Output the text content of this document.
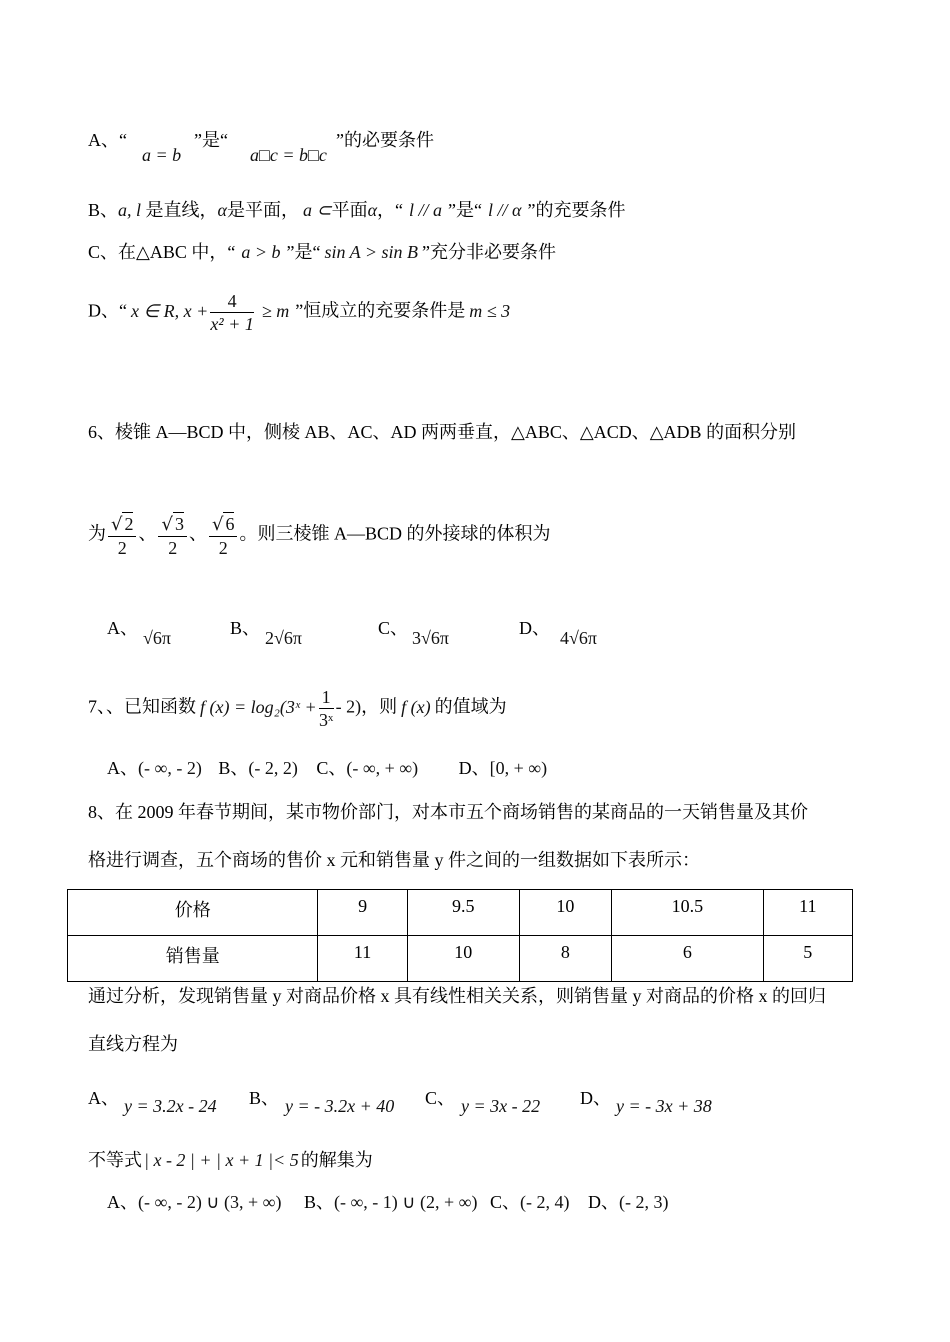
A、“
a = b
”是“
a□c = b□c
”的必要条件
B、a, l 是直线，α是平面， a ⊂平面α，“ l // a ”是“ l // α ”的充要条件
C、在△ABC 中，“ a > b ”是“ sin A > sin B ”充分非必要条件
D、“ x ∈ R, $x + \frac{4}{\text{x² + 1}} \ge m$ ”恒成立的充要条件是 m ≤ 3
6、棱锥 A—BCD 中，侧棱 AB、AC、AD 两两垂直，△ABC、△ACD、△ADB 的面积分别
为 $\frac{√ 2}{2}$ 、 $\frac{√ 3}{2}$ 、 $\frac{√ 6}{2}$ 。则三棱锥 A—BCD 的外接球的体积为
A、 √6π	B、 2√6π	C、 3√6π	D、 4√6π
7、、已知函数 f (x) = log₂(3ˣ + $\frac{1}{\text{3ˣ}} - 2$)，则 f (x) 的值域为
A、(- ∞, - 2) B、(- 2, 2) C、(- ∞, + ∞) D、[0, + ∞)
8、在 2009 年春节期间，某市物价部门，对本市五个商场销售的某商品的一天销售量及其价
格进行调查，五个商场的售价 x 元和销售量 y 件之间的一组数据如下表所示：
价格	9	9.5	10	10.5	11
销售量	11	10	8	6	5
通过分析，发现销售量 y 对商品价格 x 具有线性相关关系，则销售量 y 对商品的价格 x 的回归
直线方程为
A、 y = 3.2x - 24 B、 y = - 3.2x + 40 C、 y = 3x - 22 D、 y = - 3x + 38
不等式 | x - 2 | + | x + 1 |< 5 的解集为
A、(- ∞, - 2) ∪ (3, + ∞) B、(- ∞, - 1) ∪ (2, + ∞) C、(- 2, 4) D、(- 2, 3)
